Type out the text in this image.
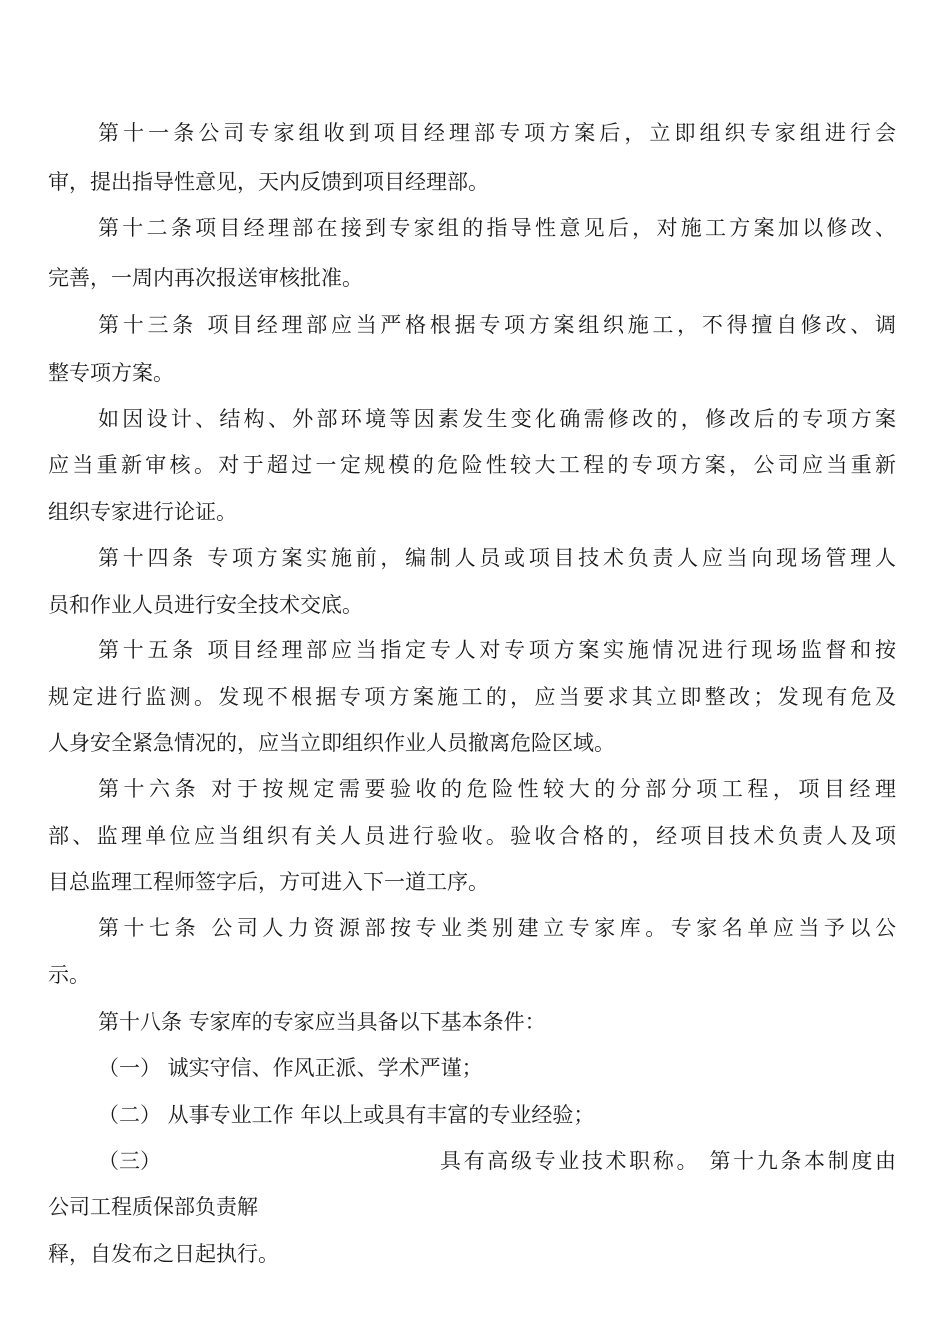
第十一条公司专家组收到项目经理部专项方案后，立即组织专家组进行会
审，提出指导性意见，天内反馈到项目经理部。
第十二条项目经理部在接到专家组的指导性意见后，对施工方案加以修改、
完善，一周内再次报送审核批准。
第十三条 项目经理部应当严格根据专项方案组织施工，不得擅自修改、调
整专项方案。
如因设计、结构、外部环境等因素发生变化确需修改的，修改后的专项方案
应当重新审核。对于超过一定规模的危险性较大工程的专项方案，公司应当重新
组织专家进行论证。
第十四条 专项方案实施前，编制人员或项目技术负责人应当向现场管理人
员和作业人员进行安全技术交底。
第十五条 项目经理部应当指定专人对专项方案实施情况进行现场监督和按
规定进行监测。发现不根据专项方案施工的，应当要求其立即整改；发现有危及
人身安全紧急情况的，应当立即组织作业人员撤离危险区域。
第十六条 对于按规定需要验收的危险性较大的分部分项工程，项目经理
部、监理单位应当组织有关人员进行验收。验收合格的，经项目技术负责人及项
目总监理工程师签字后，方可进入下一道工序。
第十七条 公司人力资源部按专业类别建立专家库。专家名单应当予以公
示。
第十八条 专家库的专家应当具备以下基本条件：
（一） 诚实守信、作风正派、学术严谨；
（二） 从事专业工作 年以上或具有丰富的专业经验；
（三）	具有高级专业技术职称。 第十九条本制度由
公司工程质保部负责解
释，自发布之日起执行。
